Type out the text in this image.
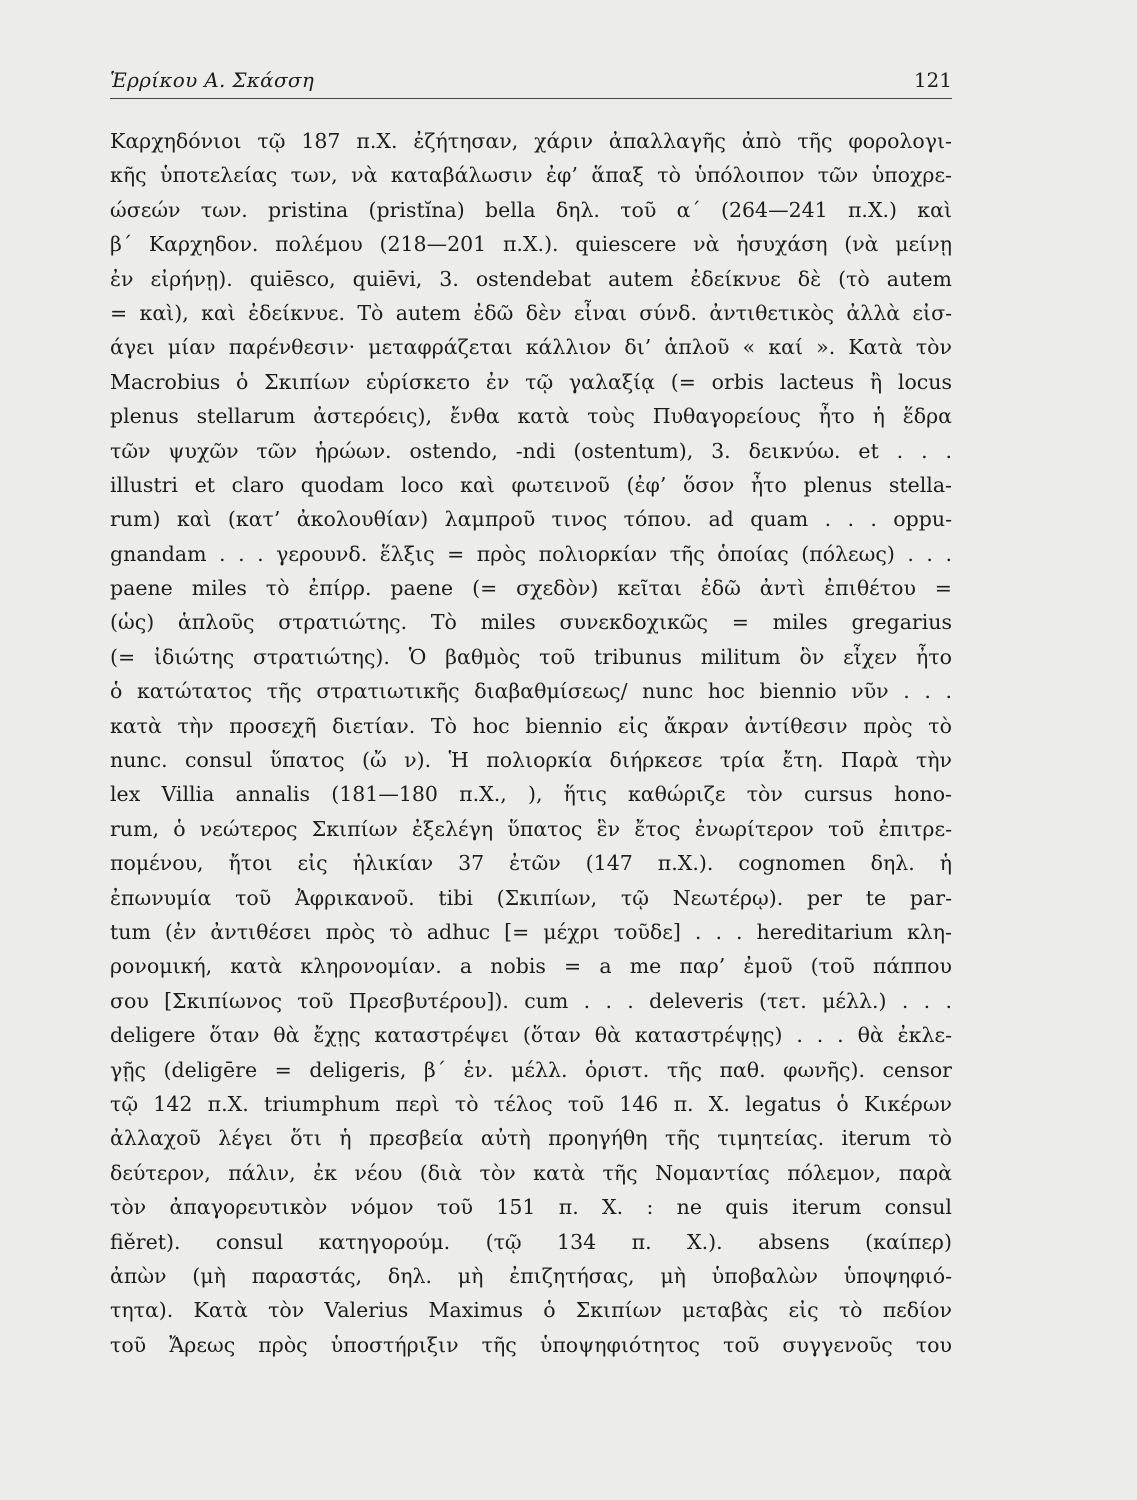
Ἑρρίκου Α. Σκάσση	121
Καρχηδόνιοι τῷ 187 π.Χ. ἐζήτησαν, χάριν ἀπαλλαγῆς ἀπὸ τῆς φορολογι-
κῆς ὑποτελείας των, νὰ καταβάλωσιν ἐφ’ ἅπαξ τὸ ὑπόλοιπον τῶν ὑποχρε-
ώσεών των. pristina (pristĭna) bella δηλ. τοῦ α΄ (264—241 π.Χ.) καὶ
β΄ Καρχηδον. πολέμου (218—201 π.Χ.). quiescere νὰ ἡσυχάση (νὰ μείνῃ
ἐν εἰρήνῃ). quiēsco, quiēvi, 3. ostendebat autem ἐδείκνυε δὲ (τὸ autem
= καὶ), καὶ ἐδείκνυε. Τὸ autem ἐδῶ δὲν εἶναι σύνδ. ἀντιθετικὸς ἀλλὰ εἰσ-
άγει μίαν παρένθεσιν· μεταφράζεται κάλλιον δι’ ἁπλοῦ « καί ». Κατὰ τὸν
Macrobius ὁ Σκιπίων εὑρίσκετο ἐν τῷ γαλαξίᾳ (= orbis lacteus ἢ locus
plenus stellarum ἀστερόεις), ἔνθα κατὰ τοὺς Πυθαγορείους ἦτο ἡ ἕδρα
τῶν ψυχῶν τῶν ἡρώων. ostendo, -ndi (ostentum), 3. δεικνύω. et . . .
illustri et claro quodam loco καὶ φωτεινοῦ (ἐφ’ ὅσον ἦτο plenus stella-
rum) καὶ (κατ’ ἀκολουθίαν) λαμπροῦ τινος τόπου. ad quam . . . oppu-
gnandam . . . γερουνδ. ἕλξις = πρὸς πολιορκίαν τῆς ὁποίας (πόλεως) . . .
paene miles τὸ ἐπίρρ. paene (= σχεδὸν) κεῖται ἐδῶ ἀντὶ ἐπιθέτου =
(ὡς) ἁπλοῦς στρατιώτης. Τὸ miles συνεκδοχικῶς = miles gregarius
(= ἰδιώτης στρατιώτης). Ὁ βαθμὸς τοῦ tribunus militum ὃν εἶχεν ἦτο
ὁ κατώτατος τῆς στρατιωτικῆς διαβαθμίσεως/ nunc hoc biennio νῦν . . .
κατὰ τὴν προσεχῆ διετίαν. Τὸ hoc biennio εἰς ἄκραν ἀντίθεσιν πρὸς τὸ
nunc. consul ὕπατος (ὤ ν). Ἡ πολιορκία διήρκεσε τρία ἔτη. Παρὰ τὴν
lex Villia annalis (181—180 π.Χ., ), ἥτις καθώριζε τὸν cursus hono-
rum, ὁ νεώτερος Σκιπίων ἐξελέγη ὕπατος ἓν ἔτος ἐνωρίτερον τοῦ ἐπιτρε-
πομένου, ἤτοι εἰς ἡλικίαν 37 ἐτῶν (147 π.Χ.). cognomen δηλ. ἡ
ἐπωνυμία τοῦ Ἀφρικανοῦ. tibi (Σκιπίων, τῷ Νεωτέρῳ). per te par-
tum (ἐν ἀντιθέσει πρὸς τὸ adhuc [= μέχρι τοῦδε] . . . hereditarium κλη-
ρονομική, κατὰ κληρονομίαν. a nobis = a me παρ’ ἐμοῦ (τοῦ πάππου
σου [Σκιπίωνος τοῦ Πρεσβυτέρου]). cum . . . deleveris (τετ. μέλλ.) . . .
deligere ὅταν θὰ ἔχῃς καταστρέψει (ὅταν θὰ καταστρέψῃς) . . . θὰ ἐκλε-
γῇς (deligēre = deligeris, β΄ ἑν. μέλλ. ὁριστ. τῆς παθ. φωνῆς). censor
τῷ 142 π.Χ. triumphum περὶ τὸ τέλος τοῦ 146 π. Χ. legatus ὁ Κικέρων
ἀλλαχοῦ λέγει ὅτι ἡ πρεσβεία αὐτὴ προηγήθη τῆς τιμητείας. iterum τὸ
δεύτερον, πάλιν, ἐκ νέου (διὰ τὸν κατὰ τῆς Νομαντίας πόλεμον, παρὰ
τὸν ἀπαγορευτικὸν νόμον τοῦ 151 π. Χ. : ne quis iterum consul
fiěret). consul κατηγορούμ. (τῷ 134 π. Χ.). absens (καίπερ)
ἀπὼν (μὴ παραστάς, δηλ. μὴ ἐπιζητήσας, μὴ ὑποβαλὼν ὑποψηφιό-
τητα). Κατὰ τὸν Valerius Maximus ὁ Σκιπίων μεταβὰς εἰς τὸ πεδίον
τοῦ Ἄρεως πρὸς ὑποστήριξιν τῆς ὑποψηφιότητος τοῦ συγγενοῦς του
